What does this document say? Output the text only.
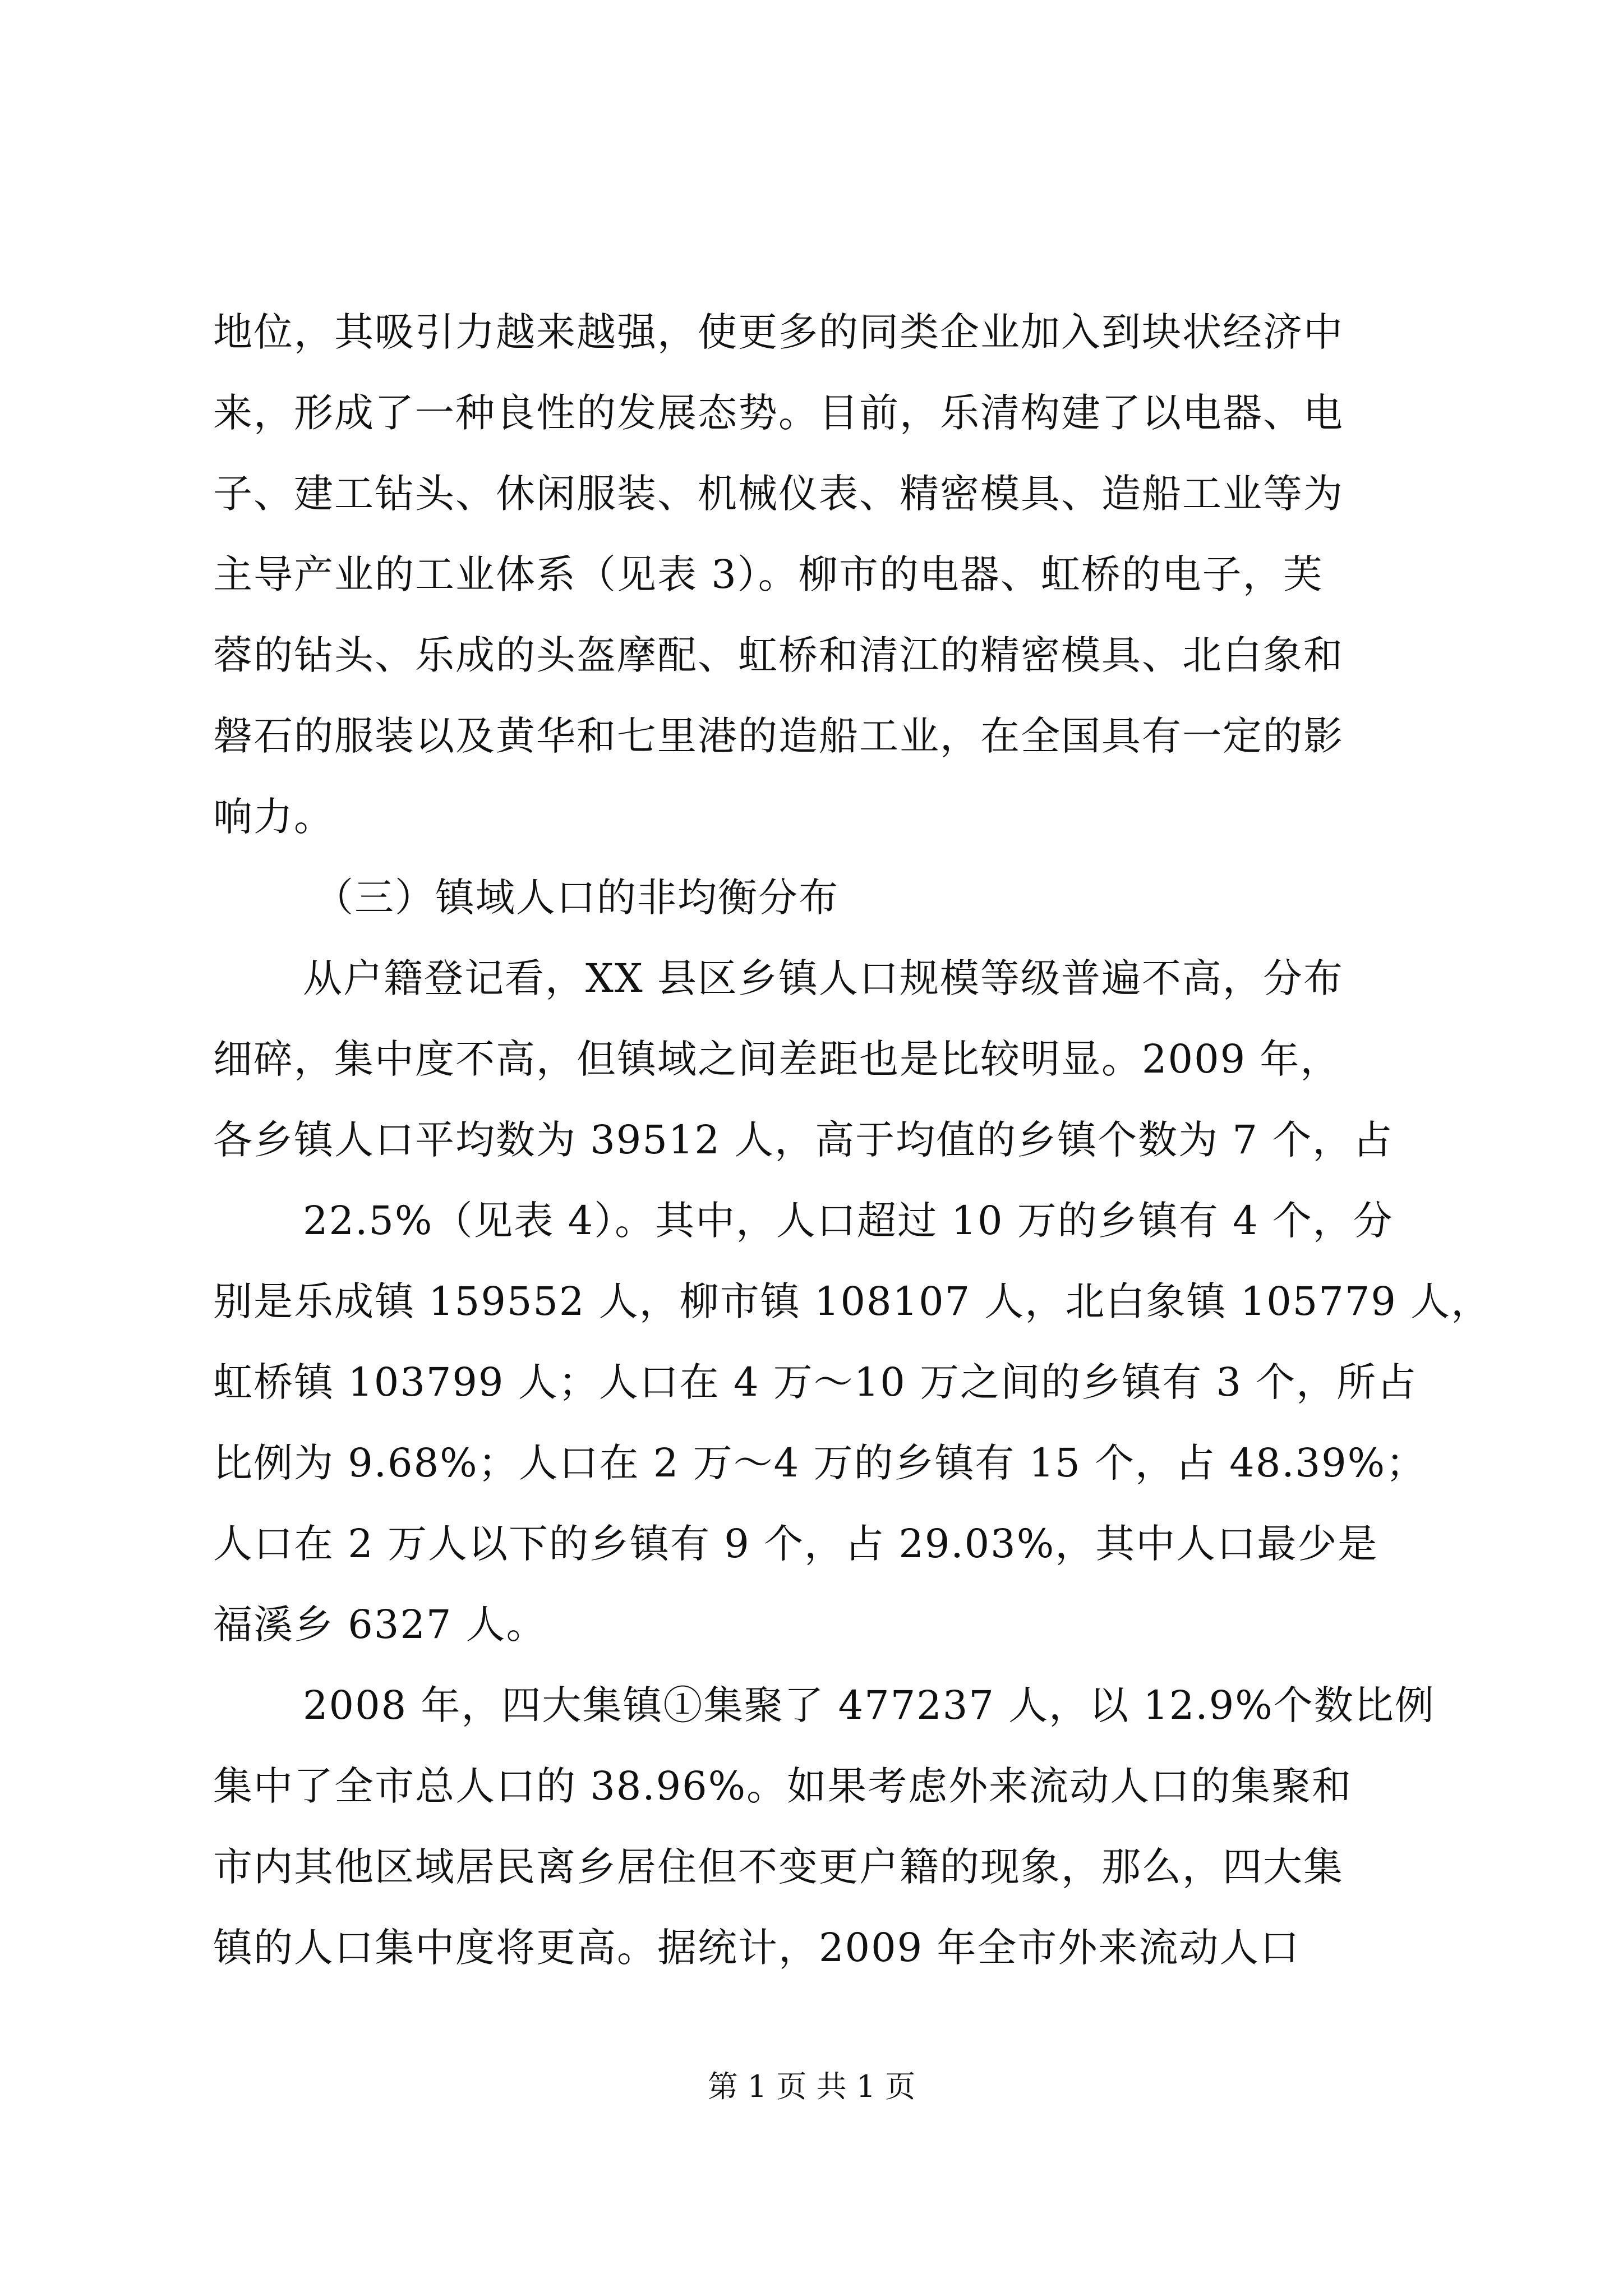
地位，其吸引力越来越强，使更多的同类企业加入到块状经济中
来，形成了一种良性的发展态势。目前，乐清构建了以电器、电
子、建工钻头、休闲服装、机械仪表、精密模具、造船工业等为
主导产业的工业体系（见表 3）。柳市的电器、虹桥的电子，芙
蓉的钻头、乐成的头盔摩配、虹桥和清江的精密模具、北白象和
磐石的服装以及黄华和七里港的造船工业，在全国具有一定的影
响力。
（三）镇域人口的非均衡分布
从户籍登记看，XX 县区乡镇人口规模等级普遍不高，分布
细碎，集中度不高，但镇域之间差距也是比较明显。2009 年，
各乡镇人口平均数为 39512 人，高于均值的乡镇个数为 7 个，占
22.5%（见表 4）。其中，人口超过 10 万的乡镇有 4 个，分
别是乐成镇 159552 人，柳市镇 108107 人，北白象镇 105779 人，
虹桥镇 103799 人；人口在 4 万～10 万之间的乡镇有 3 个，所占
比例为 9.68%；人口在 2 万～4 万的乡镇有 15 个，占 48.39%；
人口在 2 万人以下的乡镇有 9 个，占 29.03%，其中人口最少是
福溪乡 6327 人。
2008 年，四大集镇①集聚了 477237 人，以 12.9%个数比例
集中了全市总人口的 38.96%。如果考虑外来流动人口的集聚和
市内其他区域居民离乡居住但不变更户籍的现象，那么，四大集
镇的人口集中度将更高。据统计，2009 年全市外来流动人口
第 1 页 共 1 页
